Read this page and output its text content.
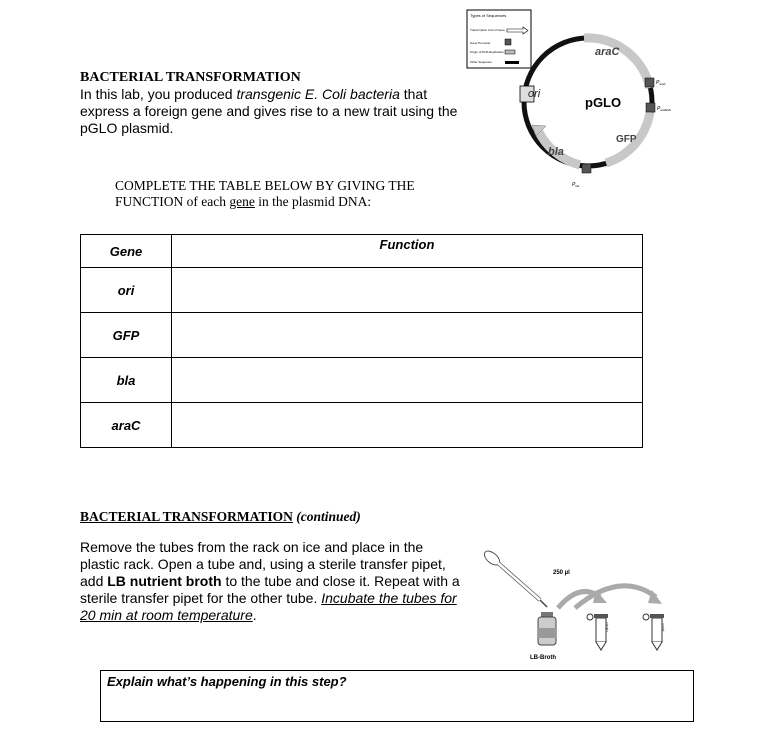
BACTERIAL TRANSFORMATION
In this lab, you produced transgenic E. Coli bacteria that express a foreign gene and gives rise to a new trait using the pGLO plasmid.
COMPLETE THE TABLE BELOW BY GIVING THE
FUNCTION of each gene in the plasmid DNA:
Types of Sequences
Transcription Unit of Gene
Gene Promoter
Origin of DNA Replication
Other Sequence
pGLO
araC
GFP
bla
ori
$P_{araC}$
$P_{araBAD}$
$P_{bla}$
Gene	Function
ori	
GFP	
bla	
araC	
BACTERIAL TRANSFORMATION (continued)
Remove the tubes from the rack on ice and place in the plastic rack. Open a tube and, using a sterile transfer pipet, add LB nutrient broth to the tube and close it. Repeat with a sterile transfer pipet for the other tube. Incubate the tubes for 20 min at room temperature.
250 µl
LB-Broth
+pGLO	-pGLO
Explain what’s happening in this step?
